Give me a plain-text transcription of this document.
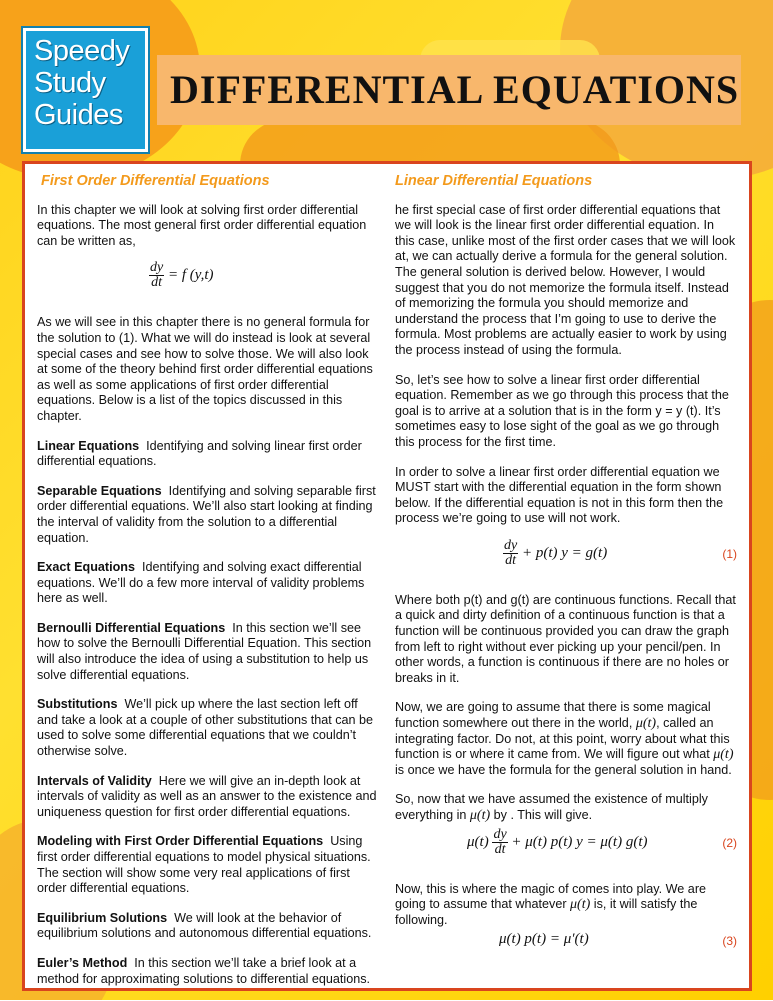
Speedy
Study
Guides
DIFFERENTIAL EQUATIONS
First Order Differential Equations

In this chapter we will look at solving first order differential equations. The most general first order differential equation can be written as,

$\frac{dy}{dt} = f$ (y,t)

As we will see in this chapter there is no general formula for the solution to (1). What we will do instead is look at several special cases and see how to solve those. We will also look at some of the theory behind first order differential equations as well as some applications of first order differential equations. Below is a list of the topics discussed in this chapter.

Linear Equations Identifying and solving linear first order differential equations.

Separable Equations Identifying and solving separable first order differential equations. We’ll also start looking at finding the interval of validity from the solution to a differential equation.

Exact Equations Identifying and solving exact differential equations. We’ll do a few more interval of validity problems here as well.

Bernoulli Differential Equations In this section we’ll see how to solve the Bernoulli Differential Equation. This section will also introduce the idea of using a substitution to help us solve differential equations.

Substitutions We’ll pick up where the last section left off and take a look at a couple of other substitutions that can be used to solve some differential equations that we couldn’t otherwise solve.

Intervals of Validity Here we will give an in-depth look at intervals of validity as well as an answer to the existence and uniqueness question for first order differential equations.

Modeling with First Order Differential Equations Using first order differential equations to model physical situations. The section will show some very real applications of first order differential equations.

Equilibrium Solutions We will look at the behavior of equilibrium solutions and autonomous differential equations.

Euler’s Method In this section we’ll take a brief look at a method for approximating solutions to differential equations.

Linear Differential Equations

he first special case of first order differential equations that we will look is the linear first order differential equation. In this case, unlike most of the first order cases that we will look at, we can actually derive a formula for the general solution. The general solution is derived below. However, I would suggest that you do not memorize the formula itself. Instead of memorizing the formula you should memorize and understand the process that I’m going to use to derive the formula. Most problems are actually easier to work by using the process instead of using the formula.

So, let’s see how to solve a linear first order differential equation. Remember as we go through this process that the goal is to arrive at a solution that is in the form y = y (t). It’s sometimes easy to lose sight of the goal as we go through this process for the first time.

In order to solve a linear first order differential equation we MUST start with the differential equation in the form shown below. If the differential equation is not in this form then the process we’re going to use will not work.

$\frac{dy}{dt} + p(t) y = g(t)$	(1)

Where both p(t) and g(t) are continuous functions. Recall that a quick and dirty definition of a continuous function is that a function will be continuous provided you can draw the graph from left to right without ever picking up your pencil/pen. In other words, a function is continuous if there are no holes or breaks in it.

Now, we are going to assume that there is some magical function somewhere out there in the world, μ(t), called an integrating factor. Do not, at this point, worry about what this function is or where it came from. We will figure out what μ(t) is once we have the formula for the general solution in hand.

So, now that we have assumed the existence of multiply everything in μ(t) by . This will give.

$\mu(t) \frac{dy}{dt} + \mu(t)$ p(t) y = μ(t) g(t)	(2)

Now, this is where the magic of comes into play. We are going to assume that whatever μ(t) is, it will satisfy the following.

μ(t) p(t) = μ′(t)	(3)
